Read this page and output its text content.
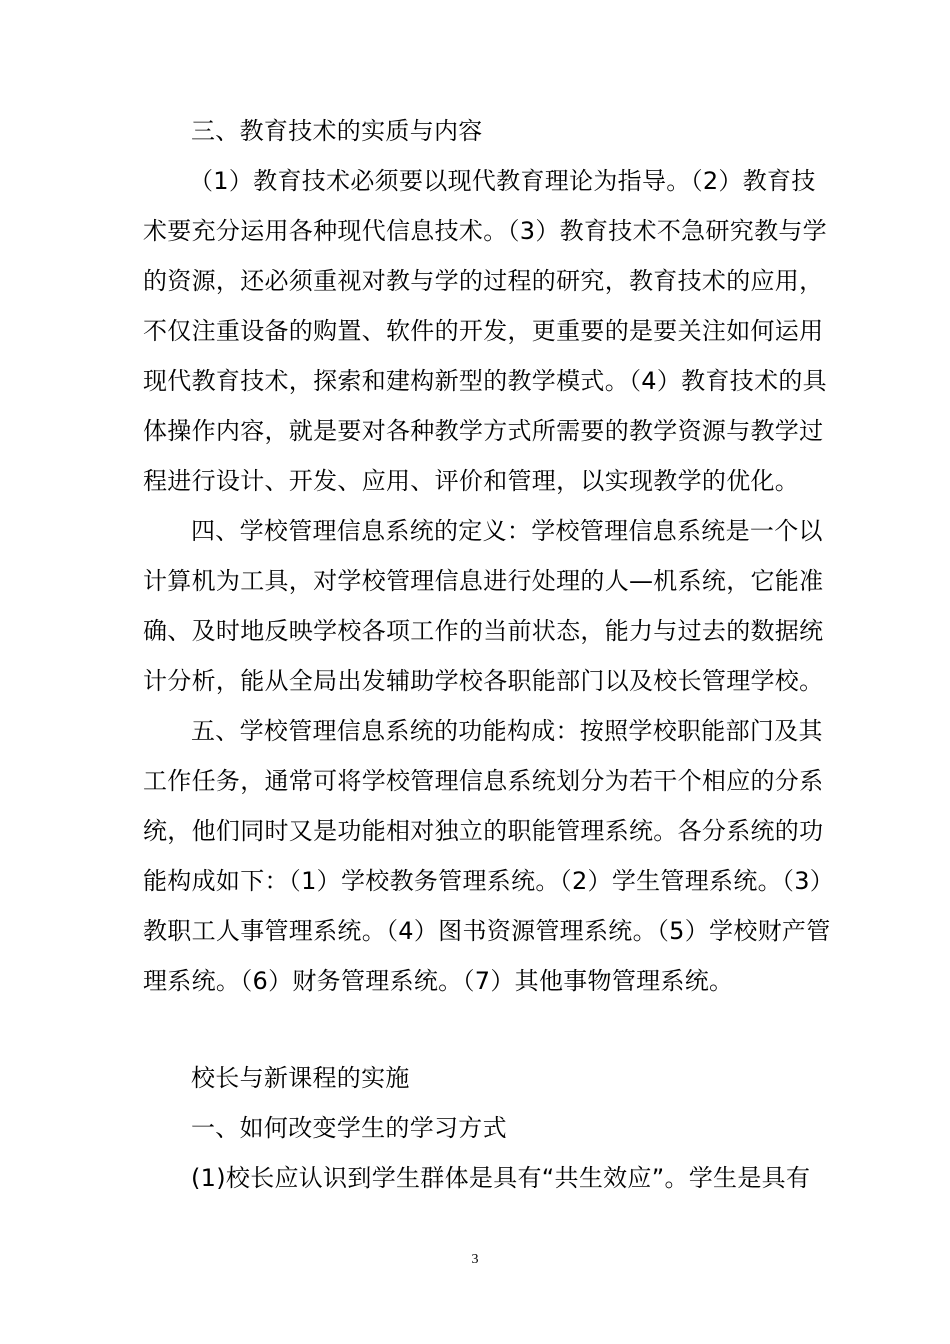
三、教育技术的实质与内容
（1）教育技术必须要以现代教育理论为指导。（2）教育技
术要充分运用各种现代信息技术。（3）教育技术不急研究教与学
的资源，还必须重视对教与学的过程的研究，教育技术的应用，
不仅注重设备的购置、软件的开发，更重要的是要关注如何运用
现代教育技术，探索和建构新型的教学模式。（4）教育技术的具
体操作内容，就是要对各种教学方式所需要的教学资源与教学过
程进行设计、开发、应用、评价和管理，以实现教学的优化。
四、学校管理信息系统的定义：学校管理信息系统是一个以
计算机为工具，对学校管理信息进行处理的人—机系统，它能准
确、及时地反映学校各项工作的当前状态，能力与过去的数据统
计分析，能从全局出发辅助学校各职能部门以及校长管理学校。
五、学校管理信息系统的功能构成：按照学校职能部门及其
工作任务，通常可将学校管理信息系统划分为若干个相应的分系
统，他们同时又是功能相对独立的职能管理系统。各分系统的功
能构成如下：（1）学校教务管理系统。（2）学生管理系统。（3）
教职工人事管理系统。（4）图书资源管理系统。（5）学校财产管
理系统。（6）财务管理系统。（7）其他事物管理系统。
校长与新课程的实施
一、如何改变学生的学习方式
(1)校长应认识到学生群体是具有“共生效应”。学生是具有
3
